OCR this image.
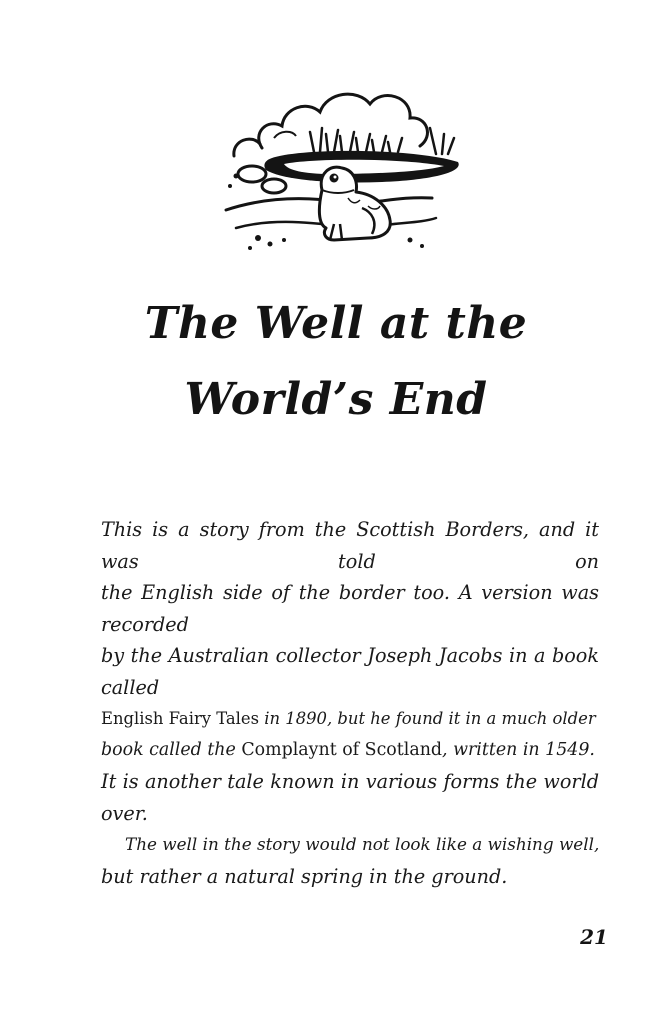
The Well at the
World’s End
This is a story from the Scottish Borders, and it was told on
the English side of the border too. A version was recorded
by the Australian collector Joseph Jacobs in a book called
English Fairy Tales in 1890, but he found it in a much older
book called the Complaynt of Scotland, written in 1549.
It is another tale known in various forms the world over.
The well in the story would not look like a wishing well,
but rather a natural spring in the ground.
21
